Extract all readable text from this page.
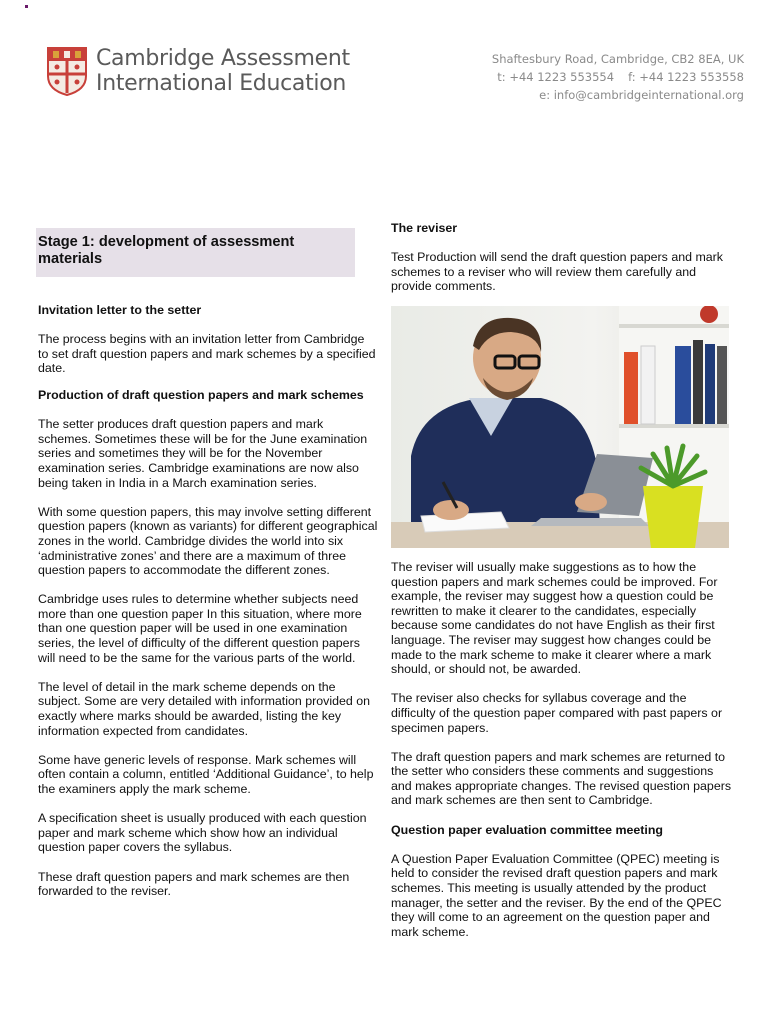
Cambridge Assessment
International Education
Shaftesbury Road, Cambridge, CB2 8EA, UK
t: +44 1223 553554 f: +44 1223 553558
e: info@cambridgeinternational.org
Stage 1: development of assessment materials
Invitation letter to the setter

The process begins with an invitation letter from Cambridge to set draft question papers and mark schemes by a specified date.

Production of draft question papers and mark schemes

The setter produces draft question papers and mark schemes. Sometimes these will be for the June examination series and sometimes they will be for the November examination series. Cambridge examinations are now also being taken in India in a March examination series.

With some question papers, this may involve setting different question papers (known as variants) for different geographical zones in the world. Cambridge divides the world into six ‘administrative zones’ and there are a maximum of three question papers to accommodate the different zones.

Cambridge uses rules to determine whether subjects need more than one question paper In this situation, where more than one question paper will be used in one examination series, the level of difficulty of the different question papers will need to be the same for the various parts of the world.

The level of detail in the mark scheme depends on the subject. Some are very detailed with information provided on exactly where marks should be awarded, listing the key information expected from candidates.

Some have generic levels of response. Mark schemes will often contain a column, entitled ‘Additional Guidance’, to help the examiners apply the mark scheme.

A specification sheet is usually produced with each question paper and mark scheme which show how an individual question paper covers the syllabus.

These draft question papers and mark schemes are then forwarded to the reviser.

The reviser

Test Production will send the draft question papers and mark schemes to a reviser who will review them carefully and provide comments.

The reviser will usually make suggestions as to how the question papers and mark schemes could be improved. For example, the reviser may suggest how a question could be rewritten to make it clearer to the candidates, especially because some candidates do not have English as their first language. The reviser may suggest how changes could be made to the mark scheme to make it clearer where a mark should, or should not, be awarded.

The reviser also checks for syllabus coverage and the difficulty of the question paper compared with past papers or specimen papers.

The draft question papers and mark schemes are returned to the setter who considers these comments and suggestions and makes appropriate changes. The revised question papers and mark schemes are then sent to Cambridge.

Question paper evaluation committee meeting

A Question Paper Evaluation Committee (QPEC) meeting is held to consider the revised draft question papers and mark schemes. This meeting is usually attended by the product manager, the setter and the reviser. By the end of the QPEC they will come to an agreement on the question paper and mark scheme.
